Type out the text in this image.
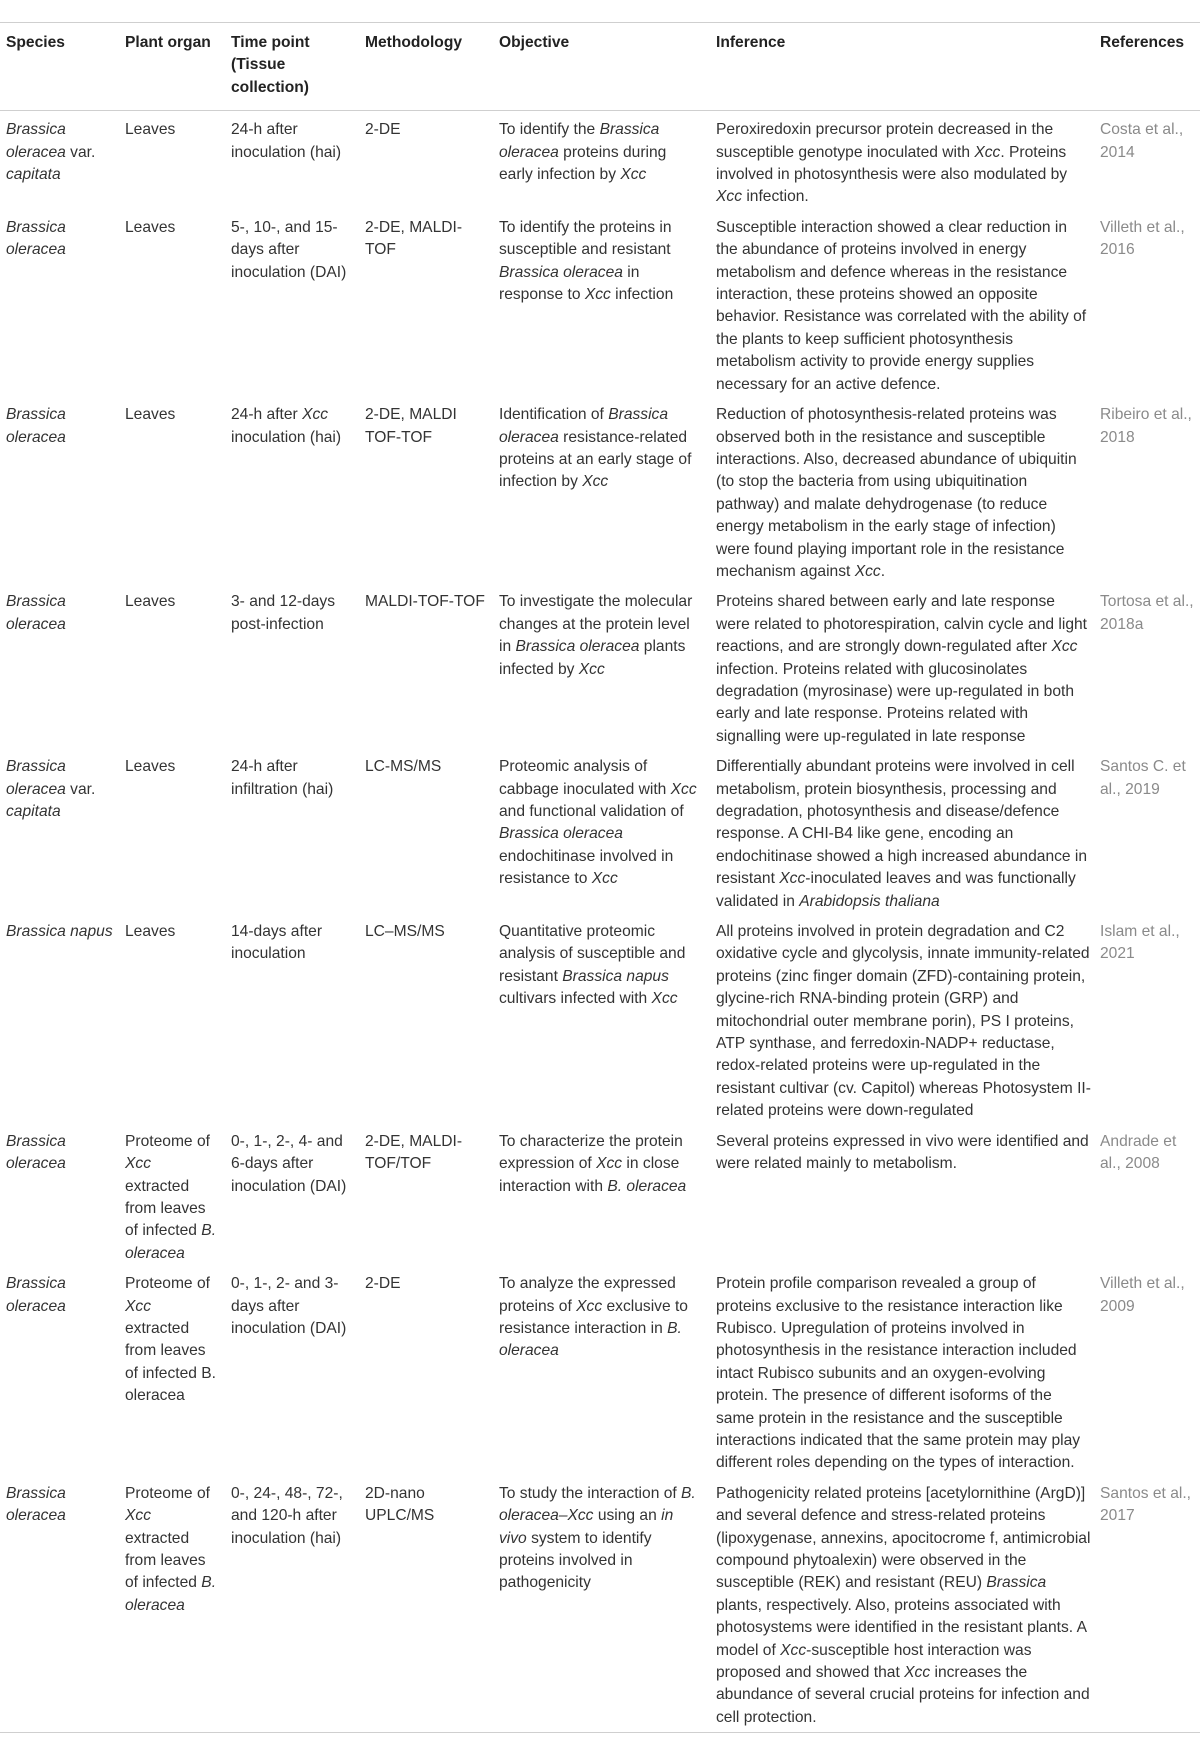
Species	Plant organ	Time point (Tissue collection)	Methodology	Objective	Inference	References
Brassica oleracea var. capitata	Leaves	24-h after inoculation (hai)	2-DE	To identify the Brassica oleracea proteins during early infection by Xcc	Peroxiredoxin precursor protein decreased in the susceptible genotype inoculated with Xcc. Proteins involved in photosynthesis were also modulated by Xcc infection.	Costa et al., 2014
Brassica oleracea	Leaves	5-, 10-, and 15- days after inoculation (DAI)	2-DE, MALDI-TOF	To identify the proteins in susceptible and resistant Brassica oleracea in response to Xcc infection	Susceptible interaction showed a clear reduction in the abundance of proteins involved in energy metabolism and defence whereas in the resistance interaction, these proteins showed an opposite behavior. Resistance was correlated with the ability of the plants to keep sufficient photosynthesis metabolism activity to provide energy supplies necessary for an active defence.	Villeth et al., 2016
Brassica oleracea	Leaves	24-h after Xcc inoculation (hai)	2-DE, MALDI TOF-TOF	Identification of Brassica oleracea resistance-related proteins at an early stage of infection by Xcc	Reduction of photosynthesis-related proteins was observed both in the resistance and susceptible interactions. Also, decreased abundance of ubiquitin (to stop the bacteria from using ubiquitination pathway) and malate dehydrogenase (to reduce energy metabolism in the early stage of infection) were found playing important role in the resistance mechanism against Xcc.	Ribeiro et al., 2018
Brassica oleracea	Leaves	3- and 12-days post-infection	MALDI-TOF-TOF	To investigate the molecular changes at the protein level in Brassica oleracea plants infected by Xcc	Proteins shared between early and late response were related to photorespiration, calvin cycle and light reactions, and are strongly down-regulated after Xcc infection. Proteins related with glucosinolates degradation (myrosinase) were up-regulated in both early and late response. Proteins related with signalling were up-regulated in late response	Tortosa et al., 2018a
Brassica oleracea var. capitata	Leaves	24-h after infiltration (hai)	LC-MS/MS	Proteomic analysis of cabbage inoculated with Xcc and functional validation of Brassica oleracea endochitinase involved in resistance to Xcc	Differentially abundant proteins were involved in cell metabolism, protein biosynthesis, processing and degradation, photosynthesis and disease/defence response. A CHI-B4 like gene, encoding an endochitinase showed a high increased abundance in resistant Xcc-inoculated leaves and was functionally validated in Arabidopsis thaliana	Santos C. et al., 2019
Brassica napus	Leaves	14-days after inoculation	LC–MS/MS	Quantitative proteomic analysis of susceptible and resistant Brassica napus cultivars infected with Xcc	All proteins involved in protein degradation and C2 oxidative cycle and glycolysis, innate immunity-related proteins (zinc finger domain (ZFD)-containing protein, glycine-rich RNA-binding protein (GRP) and mitochondrial outer membrane porin), PS I proteins, ATP synthase, and ferredoxin-NADP+ reductase, redox-related proteins were up-regulated in the resistant cultivar (cv. Capitol) whereas Photosystem II-related proteins were down-regulated	Islam et al., 2021
Brassica oleracea	Proteome of Xcc extracted from leaves of infected B. oleracea	0-, 1-, 2-, 4- and 6-days after inoculation (DAI)	2-DE, MALDI-TOF/TOF	To characterize the protein expression of Xcc in close interaction with B. oleracea	Several proteins expressed in vivo were identified and were related mainly to metabolism.	Andrade et al., 2008
Brassica oleracea	Proteome of Xcc extracted from leaves of infected B. oleracea	0-, 1-, 2- and 3-days after inoculation (DAI)	2-DE	To analyze the expressed proteins of Xcc exclusive to resistance interaction in B. oleracea	Protein profile comparison revealed a group of proteins exclusive to the resistance interaction like Rubisco. Upregulation of proteins involved in photosynthesis in the resistance interaction included intact Rubisco subunits and an oxygen-evolving protein. The presence of different isoforms of the same protein in the resistance and the susceptible interactions indicated that the same protein may play different roles depending on the types of interaction.	Villeth et al., 2009
Brassica oleracea	Proteome of Xcc extracted from leaves of infected B. oleracea	0-, 24-, 48-, 72-, and 120-h after inoculation (hai)	2D-nano UPLC/MS	To study the interaction of B. oleracea–Xcc using an in vivo system to identify proteins involved in pathogenicity	Pathogenicity related proteins [acetylornithine (ArgD)] and several defence and stress-related proteins (lipoxygenase, annexins, apocitocrome f, antimicrobial compound phytoalexin) were observed in the susceptible (REK) and resistant (REU) Brassica plants, respectively. Also, proteins associated with photosystems were identified in the resistant plants. A model of Xcc-susceptible host interaction was proposed and showed that Xcc increases the abundance of several crucial proteins for infection and cell protection.	Santos et al., 2017
